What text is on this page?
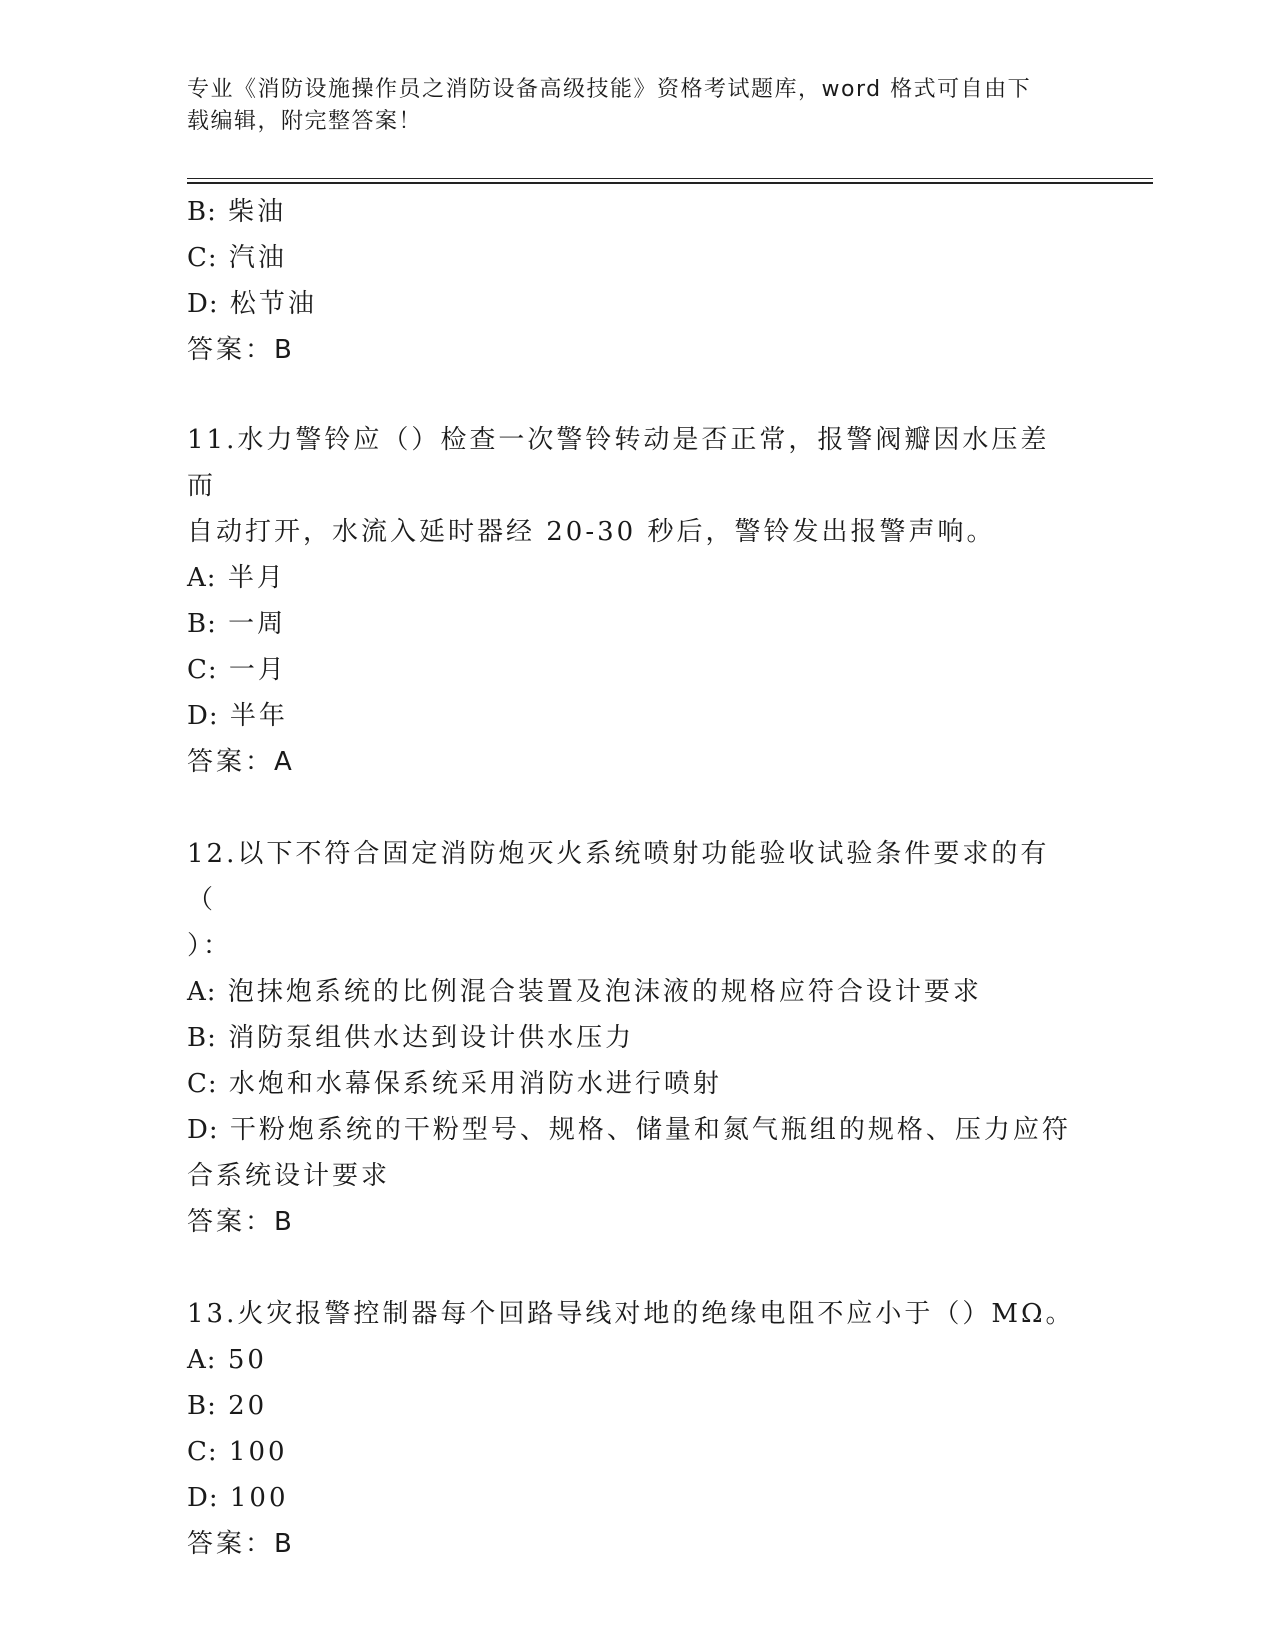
专业《消防设施操作员之消防设备高级技能》资格考试题库，word 格式可自由下
载编辑，附完整答案！
B: 柴油
C: 汽油
D: 松节油
答案：B
11.水力警铃应（）检查一次警铃转动是否正常，报警阀瓣因水压差而
自动打开，水流入延时器经 20-30 秒后，警铃发出报警声响。
A: 半月
B: 一周
C: 一月
D: 半年
答案：A
12.以下不符合固定消防炮灭火系统喷射功能验收试验条件要求的有（
）：
A: 泡抹炮系统的比例混合装置及泡沫液的规格应符合设计要求
B: 消防泵组供水达到设计供水压力
C: 水炮和水幕保系统采用消防水进行喷射
D: 干粉炮系统的干粉型号、规格、储量和氮气瓶组的规格、压力应符
合系统设计要求
答案：B
13.火灾报警控制器每个回路导线对地的绝缘电阻不应小于（）MΩ。
A: 50
B: 20
C: 100
D: 100
答案：B
